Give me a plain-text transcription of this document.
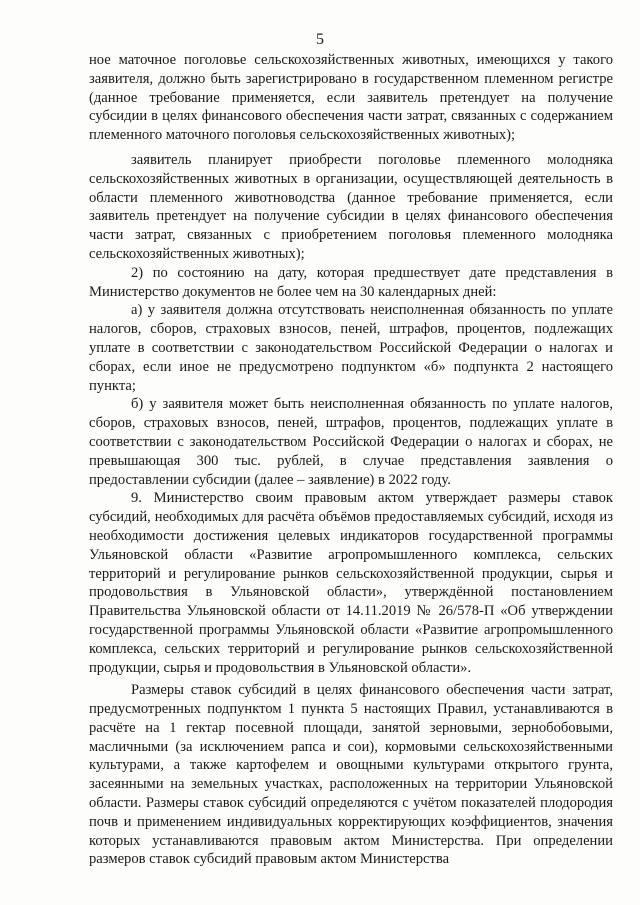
5

ное маточное поголовье сельскохозяйственных животных, имеющихся у такого заявителя, должно быть зарегистрировано в государственном племенном регистре (данное требование применяется, если заявитель претендует на получение субсидии в целях финансового обеспечения части затрат, связанных с содержанием племенного маточного поголовья сельскохозяйственных животных);

заявитель планирует приобрести поголовье племенного молодняка сельскохозяйственных животных в организации, осуществляющей деятельность в области племенного животноводства (данное требование применяется, если заявитель претендует на получение субсидии в целях финансового обеспечения части затрат, связанных с приобретением поголовья племенного молодняка сельскохозяйственных животных);

2) по состоянию на дату, которая предшествует дате представления в Министерство документов не более чем на 30 календарных дней:

а) у заявителя должна отсутствовать неисполненная обязанность по уплате налогов, сборов, страховых взносов, пеней, штрафов, процентов, подлежащих уплате в соответствии с законодательством Российской Федерации о налогах и сборах, если иное не предусмотрено подпунктом «б» подпункта 2 настоящего пункта;

б) у заявителя может быть неисполненная обязанность по уплате налогов, сборов, страховых взносов, пеней, штрафов, процентов, подлежащих уплате в соответствии с законодательством Российской Федерации о налогах и сборах, не превышающая 300 тыс. рублей, в случае представления заявления о предоставлении субсидии (далее – заявление) в 2022 году.

9. Министерство своим правовым актом утверждает размеры ставок субсидий, необходимых для расчёта объёмов предоставляемых субсидий, исходя из необходимости достижения целевых индикаторов государственной программы Ульяновской области «Развитие агропромышленного комплекса, сельских территорий и регулирование рынков сельскохозяйственной продукции, сырья и продовольствия в Ульяновской области», утверждённой постановлением Правительства Ульяновской области от 14.11.2019 № 26/578-П «Об утверждении государственной программы Ульяновской области «Развитие агропромышленного комплекса, сельских территорий и регулирование рынков сельскохозяйственной продукции, сырья и продовольствия в Ульяновской области».

Размеры ставок субсидий в целях финансового обеспечения части затрат, предусмотренных подпунктом 1 пункта 5 настоящих Правил, устанавливаются в расчёте на 1 гектар посевной площади, занятой зерновыми, зернобобовыми, масличными (за исключением рапса и сои), кормовыми сельскохозяйственными культурами, а также картофелем и овощными культурами открытого грунта, засеянными на земельных участках, расположенных на территории Ульяновской области. Размеры ставок субсидий определяются с учётом показателей плодородия почв и применением индивидуальных корректирующих коэффициентов, значения которых устанавливаются правовым актом Министерства. При определении размеров ставок субсидий правовым актом Министерства
